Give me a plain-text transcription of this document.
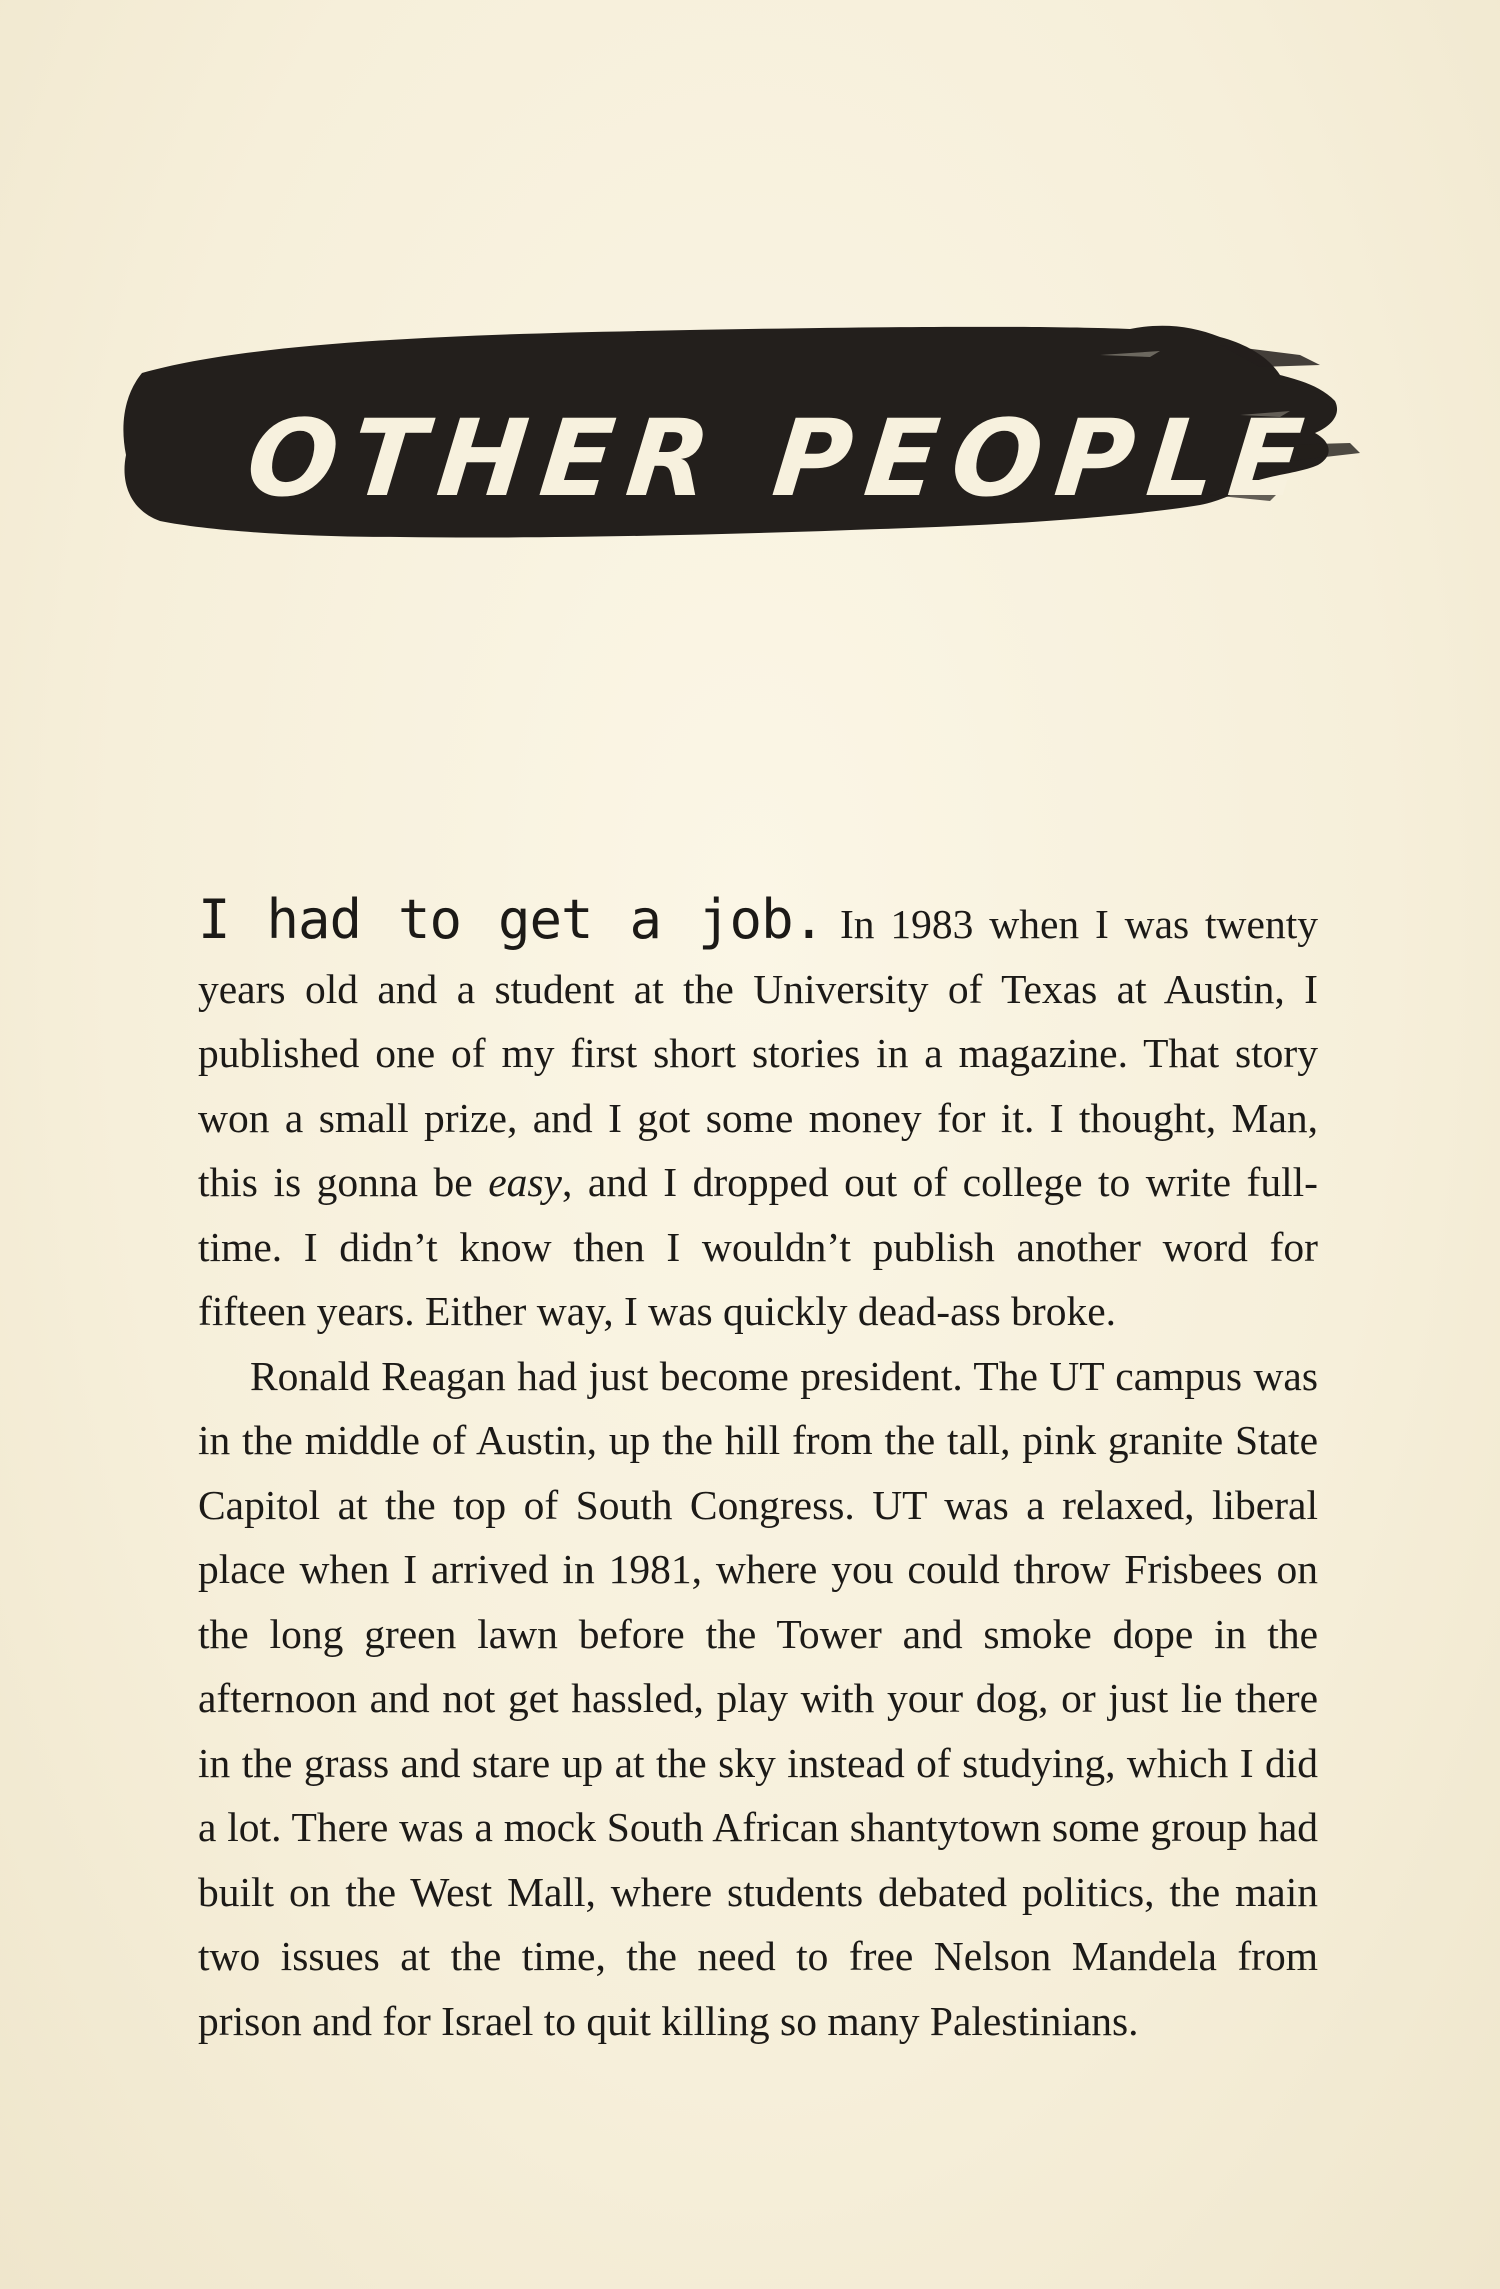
OTHER PEOPLE

I had to get a job. In 1983 when I was twenty years old and a student at the University of Texas at Austin, I published one of my first short stories in a magazine. That story won a small prize, and I got some money for it. I thought, Man, this is gonna be easy, and I dropped out of college to write full-time. I didn’t know then I wouldn’t publish another word for fifteen years. Either way, I was quickly dead-ass broke.

Ronald Reagan had just become president. The UT campus was in the middle of Austin, up the hill from the tall, pink granite State Capitol at the top of South Congress. UT was a relaxed, liberal place when I arrived in 1981, where you could throw Frisbees on the long green lawn before the Tower and smoke dope in the afternoon and not get hassled, play with your dog, or just lie there in the grass and stare up at the sky instead of studying, which I did a lot. There was a mock South African shantytown some group had built on the West Mall, where students debated politics, the main two issues at the time, the need to free Nelson Mandela from prison and for Israel to quit killing so many Palestinians.
